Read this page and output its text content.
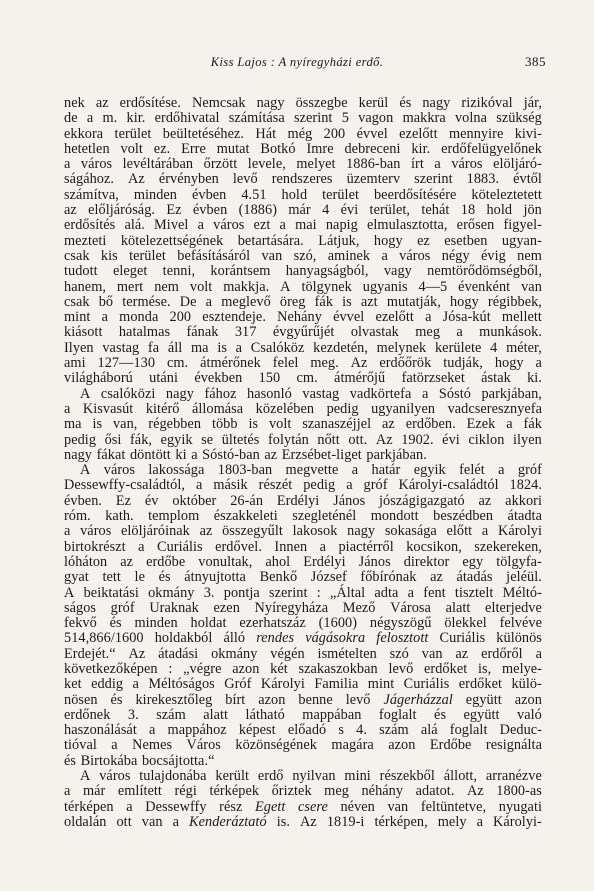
Kiss Lajos : A nyíregyházi erdő.	385
nek az erdősítése. Nemcsak nagy összegbe kerül és nagy rizikóval jár,
de a m. kir. erdőhivatal számítása szerint 5 vagon makkra volna szükség
ekkora terület beültetéséhez. Hát még 200 évvel ezelőtt mennyire kivi-
hetetlen volt ez. Erre mutat Botkó Imre debreceni kir. erdőfelügyelőnek
a város levéltárában őrzött levele, melyet 1886-ban írt a város elöljáró-
ságához. Az érvényben levő rendszeres üzemterv szerint 1883. évtől
számítva, minden évben 4.51 hold terület beerdősítésére köteleztetett
az előljáróság. Ez évben (1886) már 4 évi terület, tehát 18 hold jön
erdősítés alá. Mivel a város ezt a mai napig elmulasztotta, erősen figyel-
mezteti kötelezettségének betartására. Látjuk, hogy ez esetben ugyan-
csak kis terület befásításáról van szó, aminek a város négy évig nem
tudott eleget tenni, korántsem hanyagságból, vagy nemtörődömségből,
hanem, mert nem volt makkja. A tölgynek ugyanis 4—5 évenként van
csak bő termése. De a meglevő öreg fák is azt mutatják, hogy régibbek,
mint a monda 200 esztendeje. Nehány évvel ezelőtt a Jósa-kút mellett
kiásott hatalmas fának 317 évgyűrűjét olvastak meg a munkások.
Ilyen vastag fa áll ma is a Csalóköz kezdetén, melynek kerülete 4 méter,
ami 127—130 cm. átmérőnek felel meg. Az erdőőrök tudják, hogy a
világháború utáni években 150 cm. átmérőjű fatörzseket ástak ki.
A csalóközi nagy fához hasonló vastag vadkörtefa a Sóstó parkjában,
a Kisvasút kitérő állomása közelében pedig ugyanilyen vadcseresznyefa
ma is van, régebben több is volt szanaszéjjel az erdőben. Ezek a fák
pedig ősi fák, egyik se ültetés folytán nőtt ott. Az 1902. évi ciklon ilyen
nagy fákat döntött ki a Sóstó-ban az Erzsébet-liget parkjában.
A város lakossága 1803-ban megvette a határ egyik felét a gróf
Dessewffy-családtól, a másik részét pedig a gróf Károlyi-családtól 1824.
évben. Ez év október 26-án Erdélyi János jószágigazgató az akkori
róm. kath. templom északkeleti szegleténél mondott beszédben átadta
a város elöljáróinak az összegyűlt lakosok nagy sokasága előtt a Károlyi
birtokrészt a Curiális erdővel. Innen a piactérről kocsikon, szekereken,
lóháton az erdőbe vonultak, ahol Erdélyi János direktor egy tölgyfa-
gyat tett le és átnyujtotta Benkő József főbírónak az átadás jeléül.
A beiktatási okmány 3. pontja szerint : „Által adta a fent tisztelt Méltó-
ságos gróf Uraknak ezen Nyíregyháza Mező Városa alatt elterjedve
fekvő és minden holdat ezerhatszáz (1600) négyszögű ölekkel felvéve
514,866/1600 holdakból álló rendes vágásokra felosztott Curiális különös
Erdejét.“ Az átadási okmány végén ismételten szó van az erdőről a
következőképen : „végre azon két szakaszokban levő erdőket is, melye-
ket eddig a Méltóságos Gróf Károlyi Familia mint Curiális erdőket külö-
nösen és kirekesztőleg bírt azon benne levő Jágerházzal együtt azon
erdőnek 3. szám alatt látható mappában foglalt és együtt való
haszonálását a mappához képest előadó s 4. szám alá foglalt Deduc-
tióval a Nemes Város közönségének magára azon Erdőbe resignálta
és Birtokába bocsájtotta.“
A város tulajdonába került erdő nyilvan mini részekből állott, arranézve
a már említett régi térképek őriztek meg néhány adatot. Az 1800-as
térképen a Dessewffy rész Egett csere néven van feltüntetve, nyugati
oldalán ott van a Kenderáztató is. Az 1819-i térképen, mely a Károlyi-
